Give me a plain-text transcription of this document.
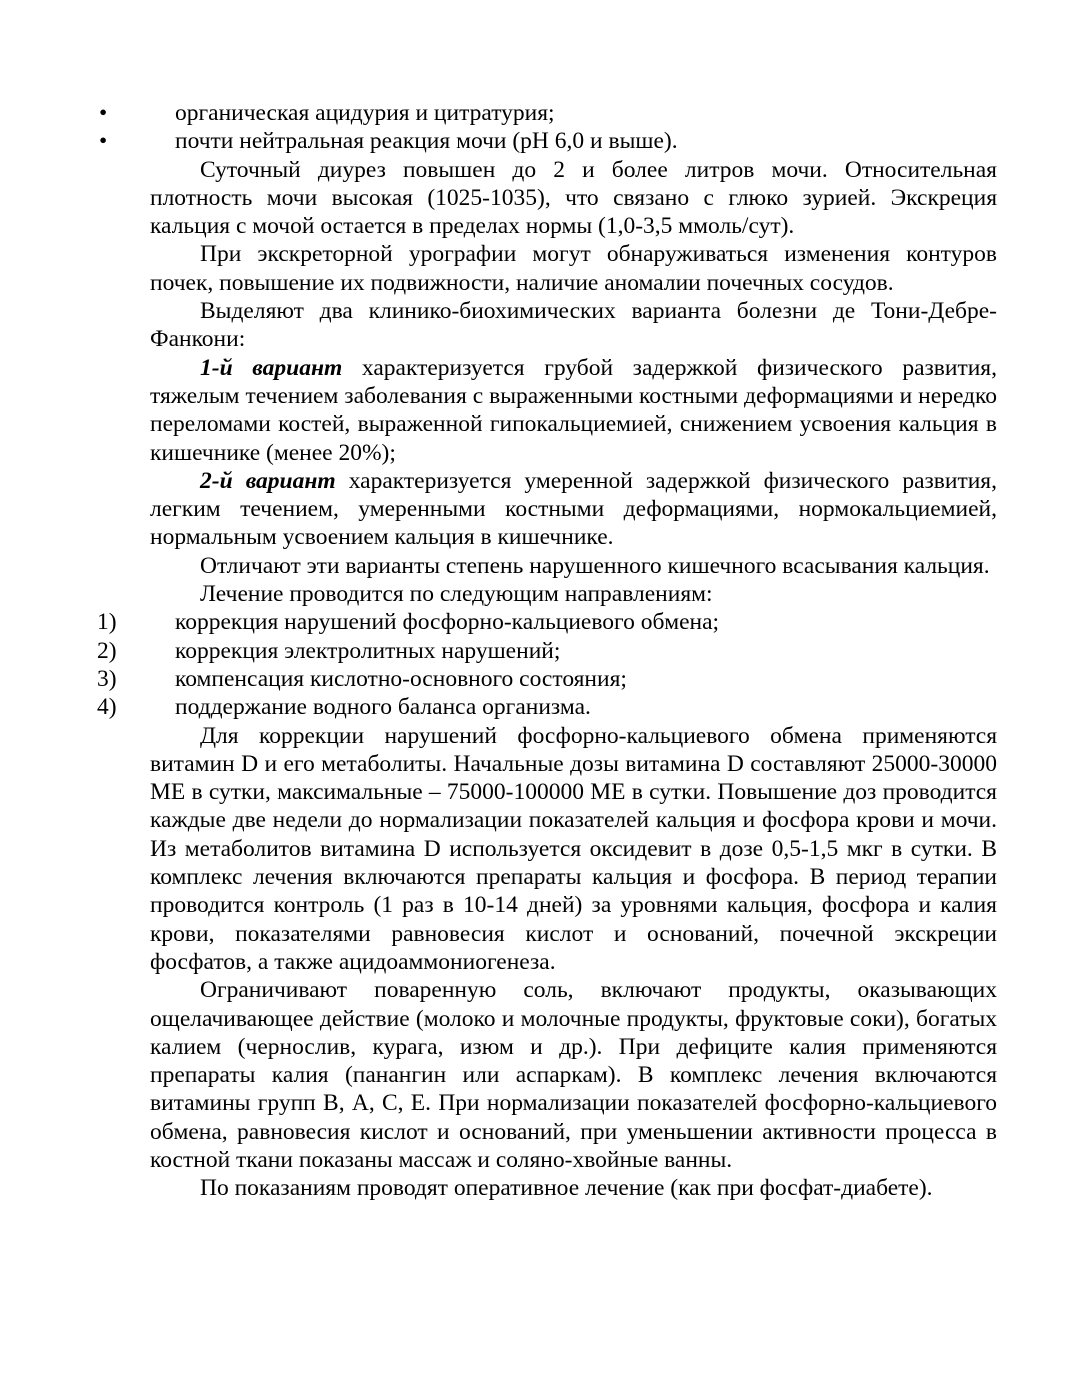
•	органическая ацидурия и цитратурия;
•	почти нейтральная реакция мочи (pH 6,0 и выше).

Суточный диурез повышен до 2 и более литров мочи. Относительная плотность мочи высокая (1025-1035), что связано с глюко зурией. Экскреция кальция с мочой остается в пределах нормы (1,0-3,5 ммоль/сут).

При экскреторной урографии могут обнаруживаться изменения контуров почек, повышение их подвижности, наличие аномалии почечных сосудов.

Выделяют два клинико-биохимических варианта болезни де Тони-Дебре-Фанкони:

1-й вариант характеризуется грубой задержкой физического развития, тяжелым течением заболевания с выраженными костными деформациями и нередко переломами костей, выраженной гипокальциемией, снижением усвоения кальция в кишечнике (менее 20%);

2-й вариант характеризуется умеренной задержкой физического развития, легким течением, умеренными костными деформациями, нормокальциемией, нормальным усвоением кальция в кишечнике.

Отличают эти варианты степень нарушенного кишечного всасывания кальция.

Лечение проводится по следующим направлениям:

1) коррекция нарушений фосфорно-кальциевого обмена;
2) коррекция электролитных нарушений;
3) компенсация кислотно-основного состояния;
4) поддержание водного баланса организма.

Для коррекции нарушений фосфорно-кальциевого обмена применяются витамин D и его метаболиты. Начальные дозы витамина D составляют 25000-30000 МЕ в сутки, максимальные – 75000-100000 МЕ в сутки. Повышение доз проводится каждые две недели до нормализации показателей кальция и фосфора крови и мочи. Из метаболитов витамина D используется оксидевит в дозе 0,5-1,5 мкг в сутки. В комплекс лечения включаются препараты кальция и фосфора. В период терапии проводится контроль (1 раз в 10-14 дней) за уровнями кальция, фосфора и калия крови, показателями равновесия кислот и оснований, почечной экскреции фосфатов, а также ацидоаммониогенеза.

Ограничивают поваренную соль, включают продукты, оказывающих ощелачивающее действие (молоко и молочные продукты, фруктовые соки), богатых калием (чернослив, курага, изюм и др.). При дефиците калия применяются препараты калия (панангин или аспаркам). В комплекс лечения включаются витамины групп В, А, С, Е. При нормализации показателей фосфорно-кальциевого обмена, равновесия кислот и оснований, при уменьшении активности процесса в костной ткани показаны массаж и соляно-хвойные ванны.

По показаниям проводят оперативное лечение (как при фосфат-диабете).
